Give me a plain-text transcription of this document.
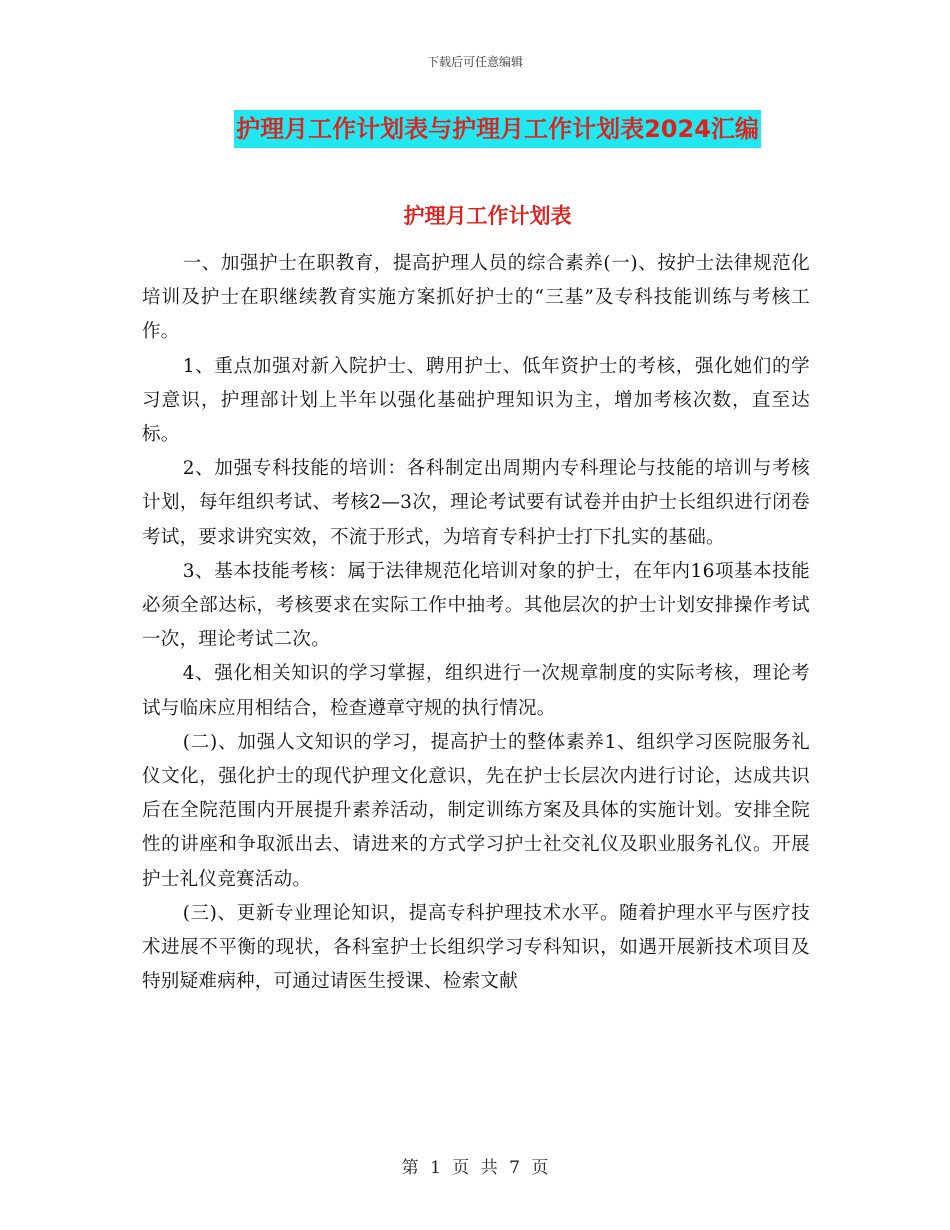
下载后可任意编辑
护理月工作计划表与护理月工作计划表2024汇编
护理月工作计划表

一、加强护士在职教育，提高护理人员的综合素养(一)、按护士法律规范化培训及护士在职继续教育实施方案抓好护士的“三基”及专科技能训练与考核工作。

1、重点加强对新入院护士、聘用护士、低年资护士的考核，强化她们的学习意识，护理部计划上半年以强化基础护理知识为主，增加考核次数，直至达标。

2、加强专科技能的培训：各科制定出周期内专科理论与技能的培训与考核计划，每年组织考试、考核2—3次，理论考试要有试卷并由护士长组织进行闭卷考试，要求讲究实效，不流于形式，为培育专科护士打下扎实的基础。

3、基本技能考核：属于法律规范化培训对象的护士，在年内16项基本技能必须全部达标，考核要求在实际工作中抽考。其他层次的护士计划安排操作考试一次，理论考试二次。

4、强化相关知识的学习掌握，组织进行一次规章制度的实际考核，理论考试与临床应用相结合，检查遵章守规的执行情况。

(二)、加强人文知识的学习，提高护士的整体素养1、组织学习医院服务礼仪文化，强化护士的现代护理文化意识，先在护士长层次内进行讨论，达成共识后在全院范围内开展提升素养活动，制定训练方案及具体的实施计划。安排全院性的讲座和争取派出去、请进来的方式学习护士社交礼仪及职业服务礼仪。开展护士礼仪竞赛活动。

(三)、更新专业理论知识，提高专科护理技术水平。随着护理水平与医疗技术进展不平衡的现状，各科室护士长组织学习专科知识，如遇开展新技术项目及特别疑难病种，可通过请医生授课、检索文献

第 1 页 共 7 页
